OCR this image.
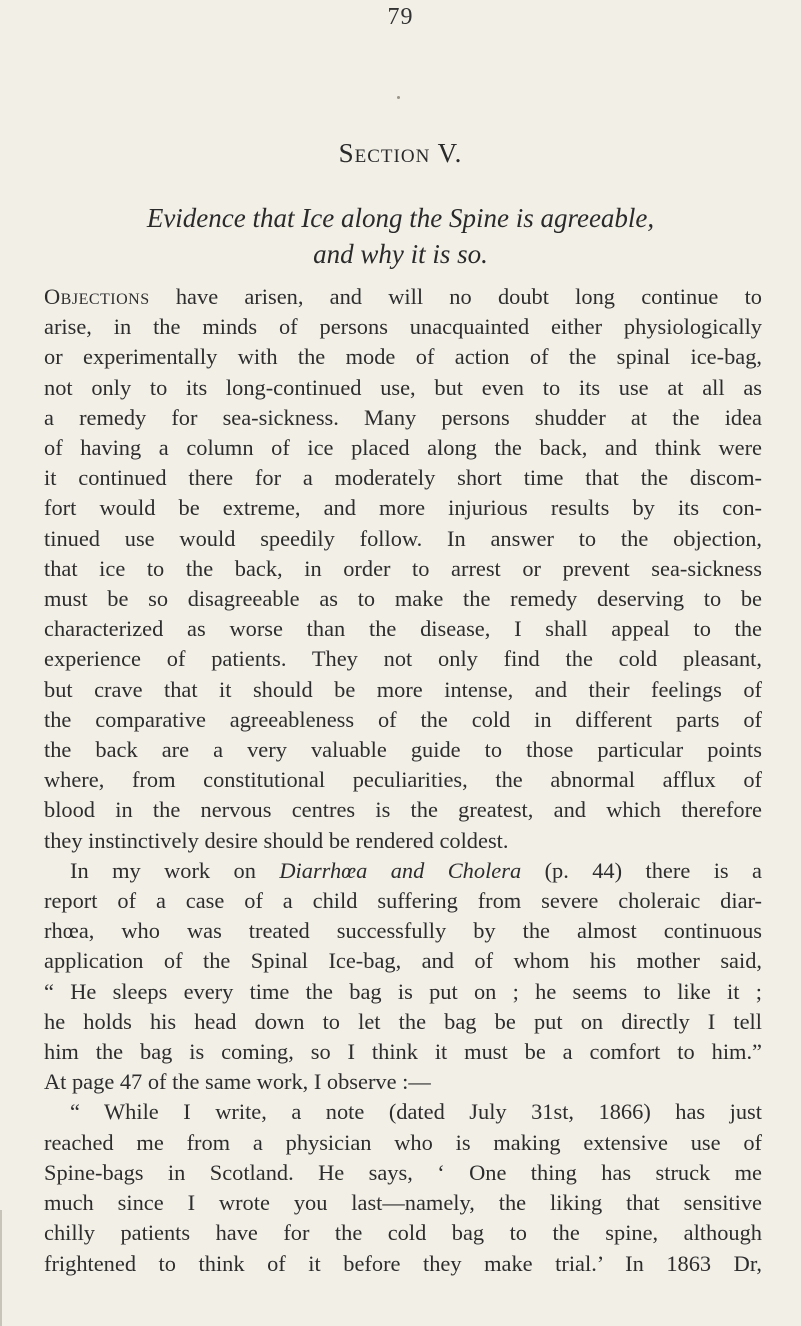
79
Section V.
Evidence that Ice along the Spine is agreeable,
and why it is so.
Objections have arisen, and will no doubt long continue to
arise, in the minds of persons unacquainted either physiologically
or experimentally with the mode of action of the spinal ice-bag,
not only to its long-continued use, but even to its use at all as
a remedy for sea-sickness. Many persons shudder at the idea
of having a column of ice placed along the back, and think were
it continued there for a moderately short time that the discom-
fort would be extreme, and more injurious results by its con-
tinued use would speedily follow. In answer to the objection,
that ice to the back, in order to arrest or prevent sea-sickness
must be so disagreeable as to make the remedy deserving to be
characterized as worse than the disease, I shall appeal to the
experience of patients. They not only find the cold pleasant,
but crave that it should be more intense, and their feelings of
the comparative agreeableness of the cold in different parts of
the back are a very valuable guide to those particular points
where, from constitutional peculiarities, the abnormal afflux of
blood in the nervous centres is the greatest, and which therefore
they instinctively desire should be rendered coldest.
In my work on Diarrhœa and Cholera (p. 44) there is a
report of a case of a child suffering from severe choleraic diar-
rhœa, who was treated successfully by the almost continuous
application of the Spinal Ice-bag, and of whom his mother said,
“ He sleeps every time the bag is put on ; he seems to like it ;
he holds his head down to let the bag be put on directly I tell
him the bag is coming, so I think it must be a comfort to him.”
At page 47 of the same work, I observe :—
“ While I write, a note (dated July 31st, 1866) has just
reached me from a physician who is making extensive use of
Spine-bags in Scotland. He says, ‘ One thing has struck me
much since I wrote you last—namely, the liking that sensitive
chilly patients have for the cold bag to the spine, although
frightened to think of it before they make trial.’ In 1863 Dr,
